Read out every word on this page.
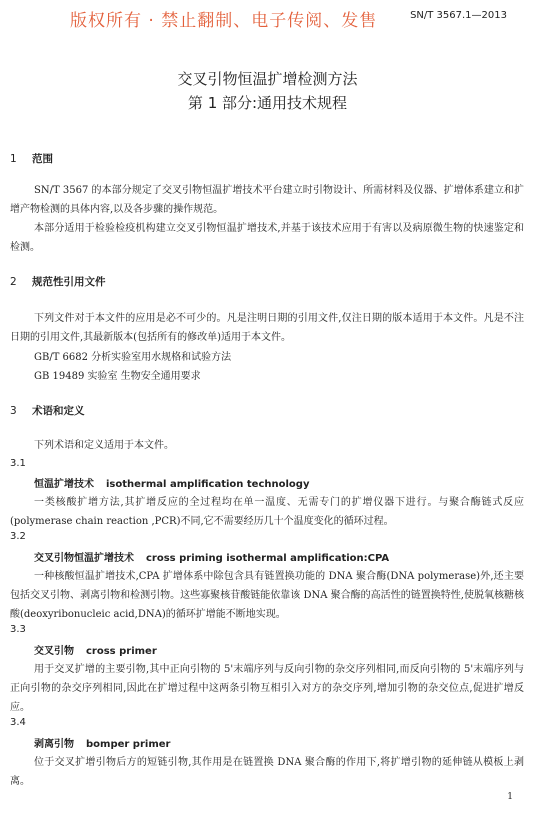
版权所有 · 禁止翻制、电子传阅、发售	SN/T 3567.1—2013
交叉引物恒温扩增检测方法
第 1 部分:通用技术规程
1 范围
SN/T 3567 的本部分规定了交叉引物恒温扩增技术平台建立时引物设计、所需材料及仪器、扩增体系建立和扩增产物检测的具体内容,以及各步骤的操作规范。
本部分适用于检验检疫机构建立交叉引物恒温扩增技术,并基于该技术应用于有害以及病原微生物的快速鉴定和检测。
2 规范性引用文件
下列文件对于本文件的应用是必不可少的。凡是注明日期的引用文件,仅注日期的版本适用于本文件。凡是不注日期的引用文件,其最新版本(包括所有的修改单)适用于本文件。
GB/T 6682 分析实验室用水规格和试验方法
GB 19489 实验室 生物安全通用要求
3 术语和定义
下列术语和定义适用于本文件。
3.1
恒温扩增技术 isothermal amplification technology
一类核酸扩增方法,其扩增反应的全过程均在单一温度、无需专门的扩增仪器下进行。与聚合酶链式反应(polymerase chain reaction ,PCR)不同,它不需要经历几十个温度变化的循环过程。
3.2
交叉引物恒温扩增技术 cross priming isothermal amplification:CPA
一种核酸恒温扩增技术,CPA 扩增体系中除包含具有链置换功能的 DNA 聚合酶(DNA polymerase)外,还主要包括交叉引物、剥离引物和检测引物。这些寡聚核苷酸链能依靠该 DNA 聚合酶的高活性的链置换特性,使脱氧核糖核酸(deoxyribonucleic acid,DNA)的循环扩增能不断地实现。
3.3
交叉引物 cross primer
用于交叉扩增的主要引物,其中正向引物的 5'末端序列与反向引物的杂交序列相同,而反向引物的 5'末端序列与正向引物的杂交序列相同,因此在扩增过程中这两条引物互相引入对方的杂交序列,增加引物的杂交位点,促进扩增反应。
3.4
剥离引物 bomper primer
位于交叉扩增引物后方的短链引物,其作用是在链置换 DNA 聚合酶的作用下,将扩增引物的延伸链从模板上剥离。
1
